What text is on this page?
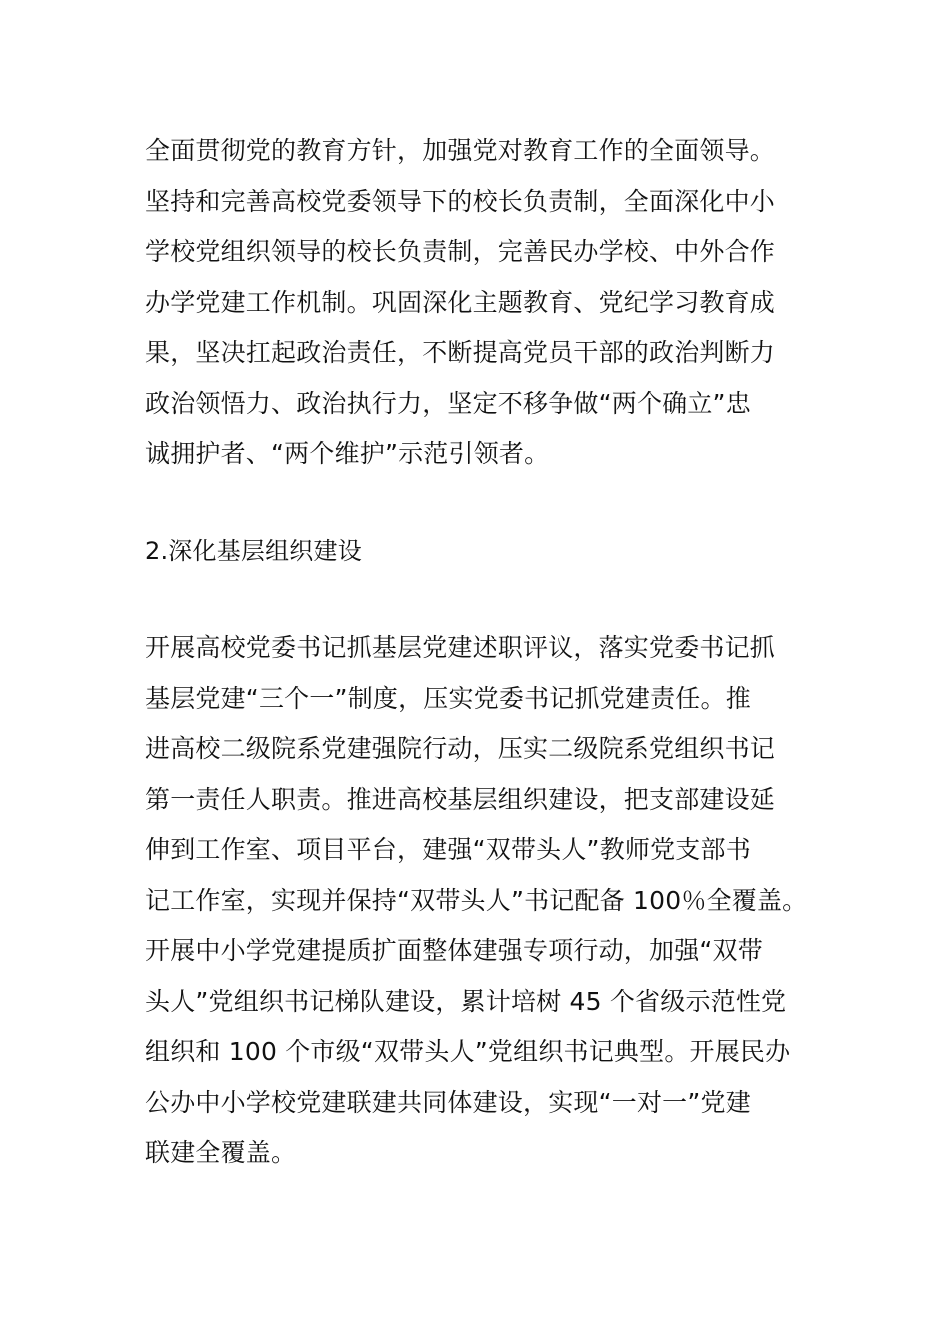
全面贯彻党的教育方针，加强党对教育工作的全面领导。
坚持和完善高校党委领导下的校长负责制，全面深化中小
学校党组织领导的校长负责制，完善民办学校、中外合作
办学党建工作机制。巩固深化主题教育、党纪学习教育成
果，坚决扛起政治责任，不断提高党员干部的政治判断力
政治领悟力、政治执行力，坚定不移争做“两个确立”忠
诚拥护者、“两个维护”示范引领者。
2.深化基层组织建设
开展高校党委书记抓基层党建述职评议，落实党委书记抓
基层党建“三个一”制度，压实党委书记抓党建责任。推
进高校二级院系党建强院行动，压实二级院系党组织书记
第一责任人职责。推进高校基层组织建设，把支部建设延
伸到工作室、项目平台，建强“双带头人”教师党支部书
记工作室，实现并保持“双带头人”书记配备 100％全覆盖。
开展中小学党建提质扩面整体建强专项行动，加强“双带
头人”党组织书记梯队建设，累计培树 45 个省级示范性党
组织和 100 个市级“双带头人”党组织书记典型。开展民办
公办中小学校党建联建共同体建设，实现“一对一”党建
联建全覆盖。
